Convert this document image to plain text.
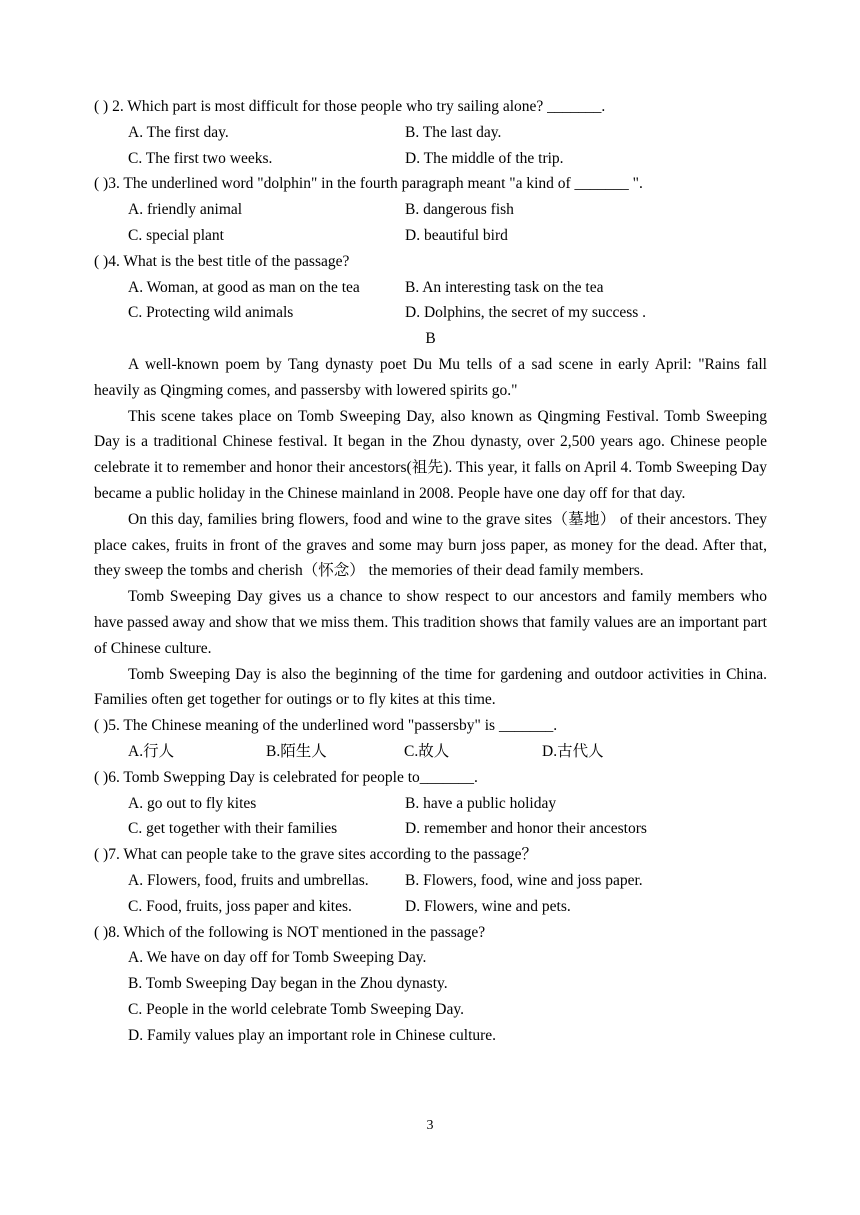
( ) 2. Which part is most difficult for those people who try sailing alone? _______.
A. The first day.	B. The last day.
C. The first two weeks.	D. The middle of the trip.
( )3. The underlined word "dolphin" in the fourth paragraph meant "a kind of _______ ".
A. friendly animal	B. dangerous fish
C. special plant	D. beautiful bird
( )4. What is the best title of the passage?
A. Woman, at good as man on the tea	B. An interesting task on the tea
C. Protecting wild animals	D. Dolphins, the secret of my success .
B
A well-known poem by Tang dynasty poet Du Mu tells of a sad scene in early April: "Rains fall heavily as Qingming comes, and passersby with lowered spirits go."
This scene takes place on Tomb Sweeping Day, also known as Qingming Festival. Tomb Sweeping Day is a traditional Chinese festival. It began in the Zhou dynasty, over 2,500 years ago. Chinese people celebrate it to remember and honor their ancestors(祖先). This year, it falls on April 4. Tomb Sweeping Day became a public holiday in the Chinese mainland in 2008. People have one day off for that day.
On this day, families bring flowers, food and wine to the grave sites（墓地） of their ancestors. They place cakes, fruits in front of the graves and some may burn joss paper, as money for the dead. After that, they sweep the tombs and cherish（怀念） the memories of their dead family members.
Tomb Sweeping Day gives us a chance to show respect to our ancestors and family members who have passed away and show that we miss them. This tradition shows that family values are an important part of Chinese culture.
Tomb Sweeping Day is also the beginning of the time for gardening and outdoor activities in China. Families often get together for outings or to fly kites at this time.
( )5. The Chinese meaning of the underlined word "passersby" is _______.
A.行人	B.陌生人	C.故人	D.古代人
( )6. Tomb Swepping Day is celebrated for people to_______.
A. go out to fly kites	B. have a public holiday
C. get together with their families	D. remember and honor their ancestors
( )7. What can people take to the grave sites according to the passage？
A. Flowers, food, fruits and umbrellas. B. Flowers, food, wine and joss paper.
C. Food, fruits, joss paper and kites.	D. Flowers, wine and pets.
( )8. Which of the following is NOT mentioned in the passage?
A. We have on day off for Tomb Sweeping Day.
B. Tomb Sweeping Day began in the Zhou dynasty.
C. People in the world celebrate Tomb Sweeping Day.
D. Family values play an important role in Chinese culture.
3
